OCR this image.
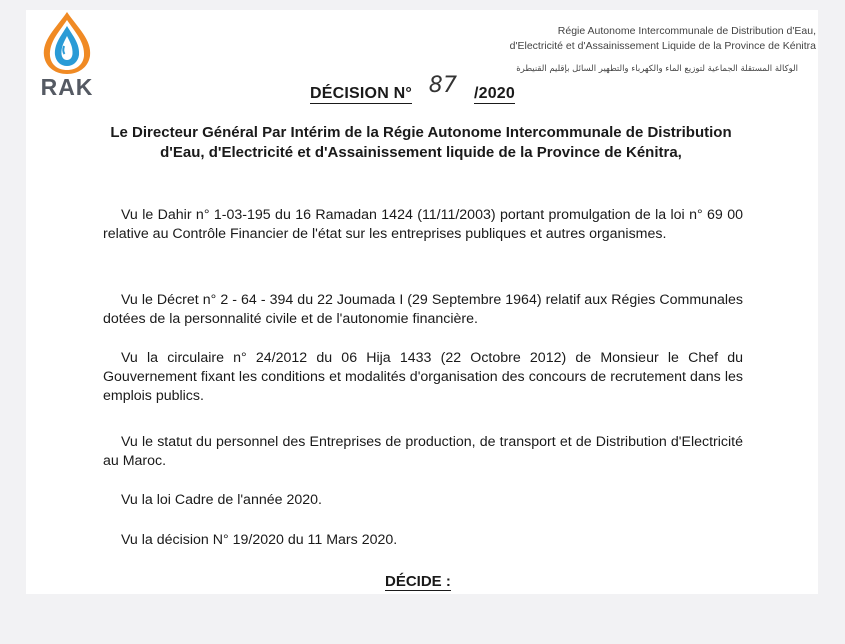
RAK
Régie Autonome Intercommunale de Distribution d'Eau,
d'Electricité et d'Assainissement Liquide de la Province de Kénitra
الوكالة المستقلة الجماعية لتوزيع الماء والكهرباء والتطهير السائل بإقليم القنيطرة
DÉCISION N° 87 /2020
Le Directeur Général Par Intérim de la Régie Autonome Intercommunale de Distribution d'Eau, d'Electricité et d'Assainissement liquide de la Province de Kénitra,
Vu le Dahir n° 1-03-195 du 16 Ramadan 1424 (11/11/2003) portant promulgation de la loi n° 69 00 relative au Contrôle Financier de l'état sur les entreprises publiques et autres organismes.
Vu le Décret n° 2 - 64 - 394 du 22 Joumada I (29 Septembre 1964) relatif aux Régies Communales dotées de la personnalité civile et de l'autonomie financière.
Vu la circulaire n° 24/2012 du 06 Hija 1433 (22 Octobre 2012) de Monsieur le Chef du Gouvernement fixant les conditions et modalités d'organisation des concours de recrutement dans les emplois publics.
Vu le statut du personnel des Entreprises de production, de transport et de Distribution d'Electricité au Maroc.
Vu la loi Cadre de l'année 2020.
Vu la décision N° 19/2020 du 11 Mars 2020.
DÉCIDE :
